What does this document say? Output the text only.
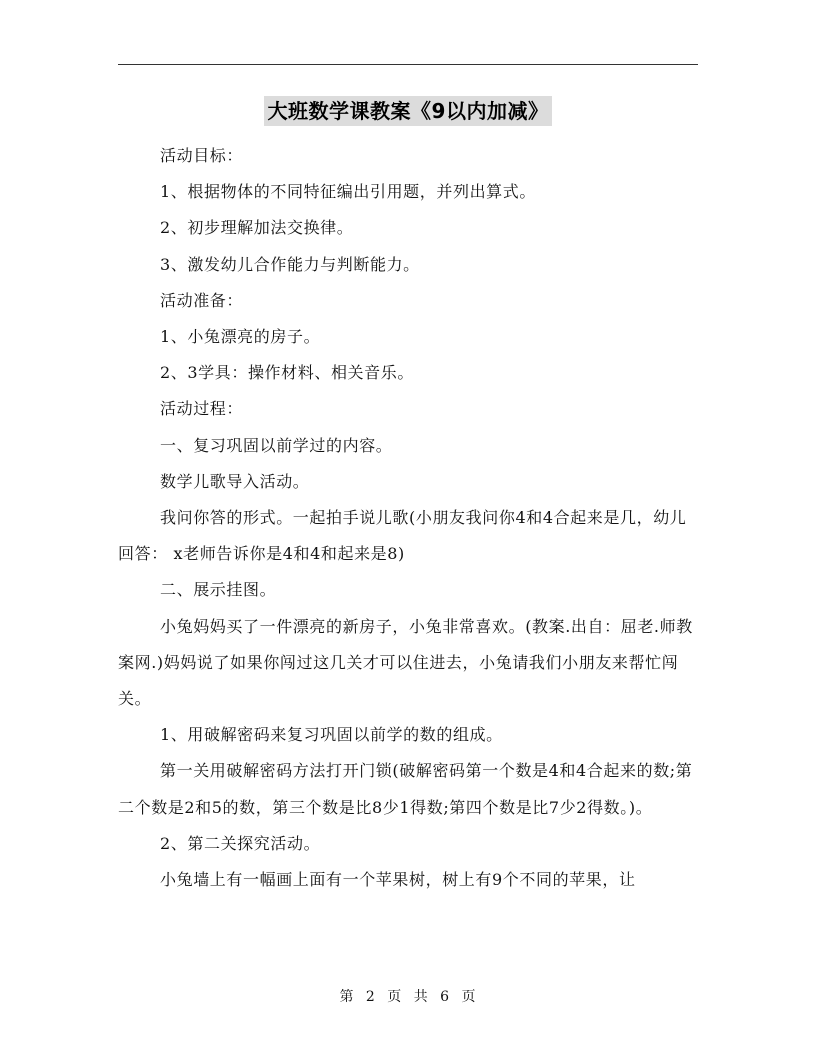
大班数学课教案《9以内加减》

活动目标：

1、根据物体的不同特征编出引用题，并列出算式。

2、初步理解加法交换律。

3、激发幼儿合作能力与判断能力。

活动准备：

1、小兔漂亮的房子。

2、3学具：操作材料、相关音乐。

活动过程：

一、复习巩固以前学过的内容。

数学儿歌导入活动。

我问你答的形式。一起拍手说儿歌(小朋友我问你4和4合起来是几，幼儿回答： x老师告诉你是4和4和起来是8)

二、展示挂图。

小兔妈妈买了一件漂亮的新房子，小兔非常喜欢。(教案.出自：屈老.师教案网.)妈妈说了如果你闯过这几关才可以住进去，小兔请我们小朋友来帮忙闯关。

1、用破解密码来复习巩固以前学的数的组成。

第一关用破解密码方法打开门锁(破解密码第一个数是4和4合起来的数;第二个数是2和5的数，第三个数是比8少1得数;第四个数是比7少2得数。)。

2、第二关探究活动。

小兔墙上有一幅画上面有一个苹果树，树上有9个不同的苹果，让

第 2 页 共 6 页
